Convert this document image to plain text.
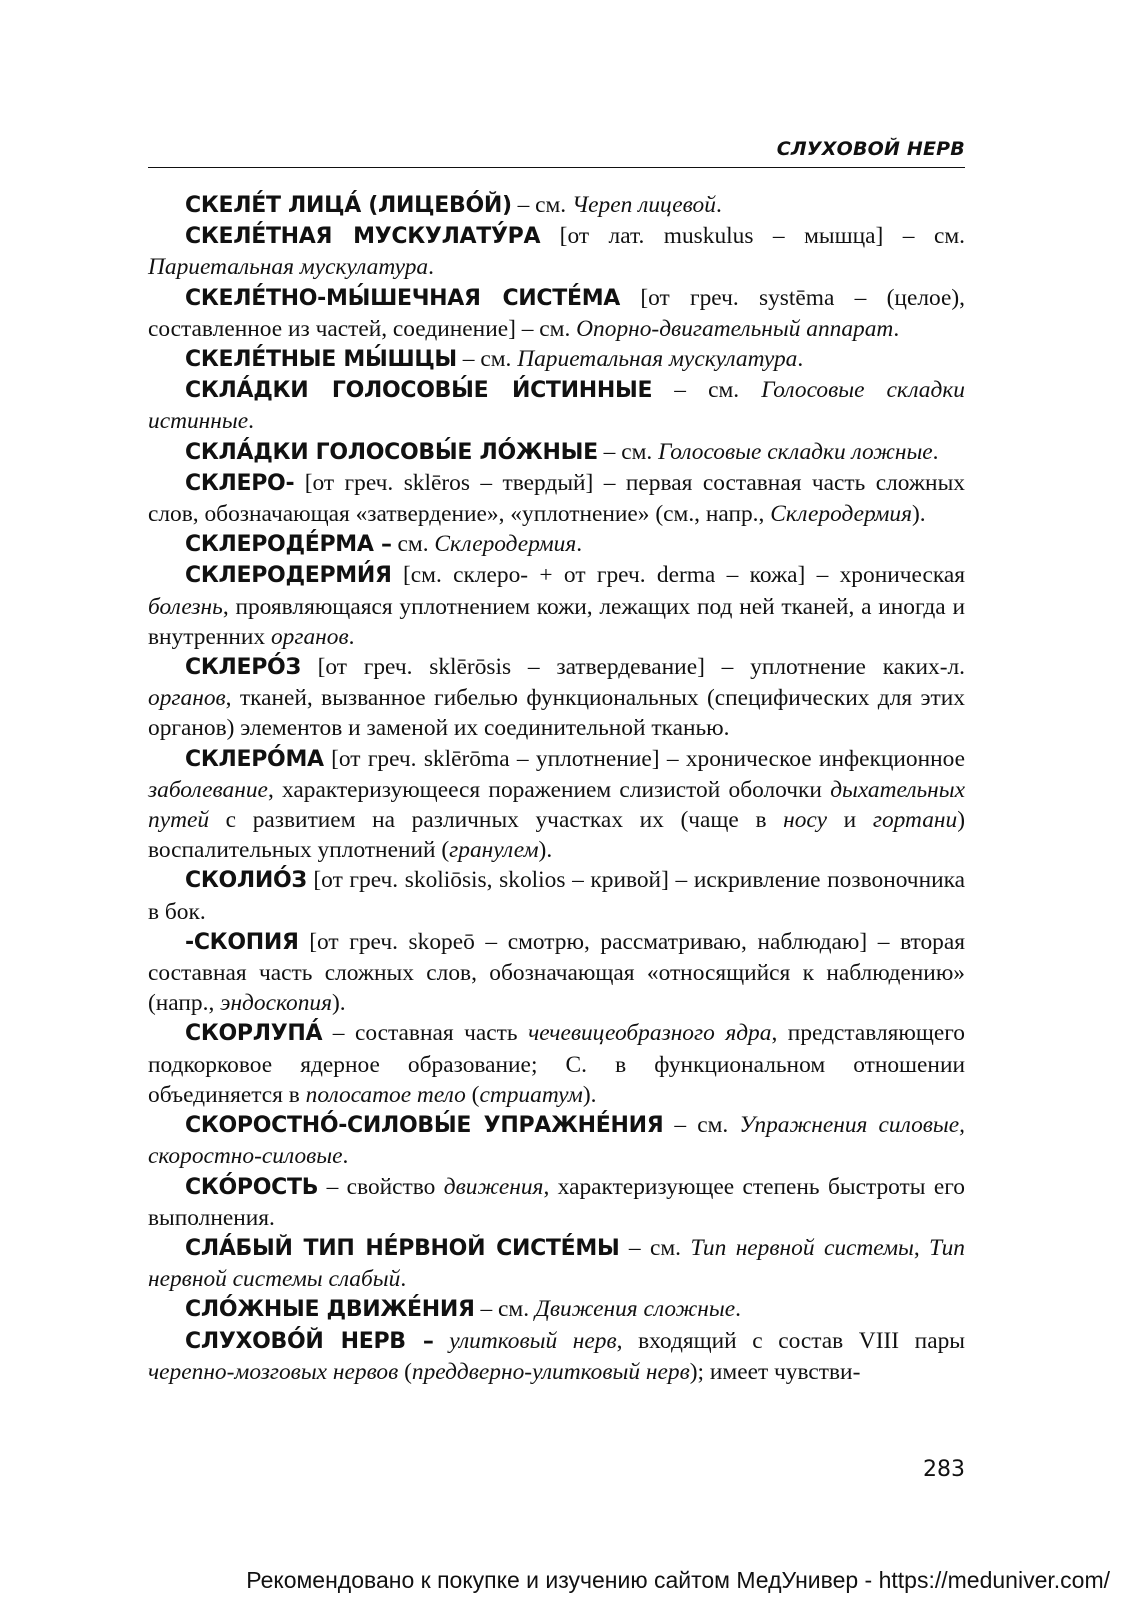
СЛУХОВОЙ НЕРВ

СКЕЛЕ́Т ЛИЦА́ (ЛИЦЕВО́Й) – см. Череп лицевой.

СКЕЛЕ́ТНАЯ МУСКУЛАТУ́РА [от лат. muskulus – мышца] – см. Париетальная мускулатура.

СКЕЛЕ́ТНО-МЫ́ШЕЧНАЯ СИСТЕ́МА [от греч. systēma – (целое), составленное из частей, соединение] – см. Опорно-двигательный аппарат.

СКЕЛЕ́ТНЫЕ МЫ́ШЦЫ – см. Париетальная мускулатура.

СКЛА́ДКИ ГОЛОСОВЫ́Е И́СТИННЫЕ – см. Голосовые складки истинные.

СКЛА́ДКИ ГОЛОСОВЫ́Е ЛО́ЖНЫЕ – см. Голосовые складки ложные.

СКЛЕРО- [от греч. sklēros – твердый] – первая составная часть сложных слов, обозначающая «затвердение», «уплотнение» (см., напр., Склеродермия).

СКЛЕРОДЕ́РМА – см. Склеродермия.

СКЛЕРОДЕРМИ́Я [см. склеро- + от греч. derma – кожа] – хроническая болезнь, проявляющаяся уплотнением кожи, лежащих под ней тканей, а иногда и внутренних органов.

СКЛЕРО́З [от греч. sklērōsis – затвердевание] – уплотнение каких-л. органов, тканей, вызванное гибелью функциональных (специфических для этих органов) элементов и заменой их соединительной тканью.

СКЛЕРО́МА [от греч. sklērōma – уплотнение] – хроническое инфекционное заболевание, характеризующееся поражением слизистой оболочки дыхательных путей с развитием на различных участках их (чаще в носу и гортани) воспалительных уплотнений (гранулем).

СКОЛИО́З [от греч. skoliōsis, skolios – кривой] – искривление позвоночника в бок.

-СКОПИЯ [от греч. skopeō – смотрю, рассматриваю, наблюдаю] – вторая составная часть сложных слов, обозначающая «относящийся к наблюдению» (напр., эндоскопия).

СКОРЛУПА́ – составная часть чечевицеобразного ядра, представляющего подкорковое ядерное образование; С. в функциональном отношении объединяется в полосатое тело (стриатум).

СКОРОСТНО́-СИЛОВЫ́Е УПРАЖНЕ́НИЯ – см. Упражнения силовые, скоростно-силовые.

СКО́РОСТЬ – свойство движения, характеризующее степень быстроты его выполнения.

СЛА́БЫЙ ТИП НЕ́РВНОЙ СИСТЕ́МЫ – см. Тип нервной системы, Тип нервной системы слабый.

СЛО́ЖНЫЕ ДВИЖЕ́НИЯ – см. Движения сложные.

СЛУХОВО́Й НЕРВ – улитковый нерв, входящий с состав VIII пары черепно-мозговых нервов (преддверно-улитковый нерв); имеет чувстви-

283
Рекомендовано к покупке и изучению сайтом МедУнивер - https://meduniver.com/
